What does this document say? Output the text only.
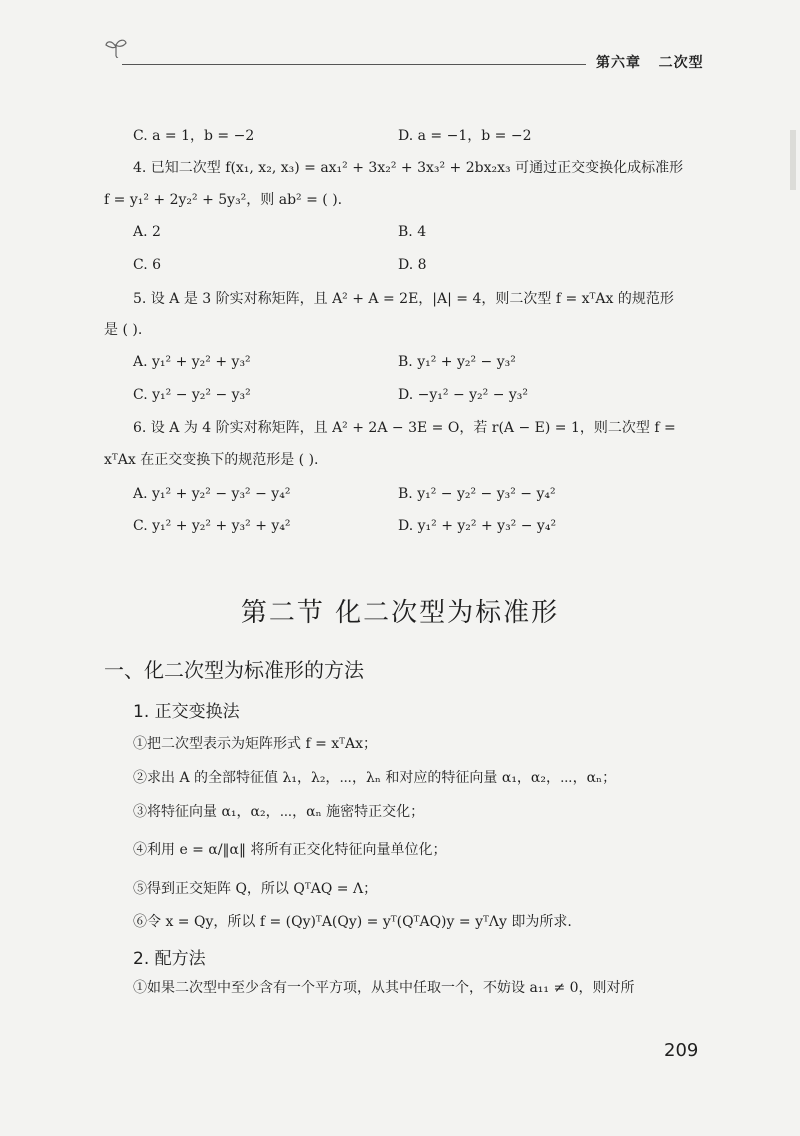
第六章   二次型
C. a = 1，b = −2	D. a = −1，b = −2
4. 已知二次型 f(x₁, x₂, x₃) = ax₁² + 3x₂² + 3x₃² + 2bx₂x₃ 可通过正交变换化成标准形
f = y₁² + 2y₂² + 5y₃²，则 ab² = ( ).
A. 2	B. 4
C. 6	D. 8
5. 设 A 是 3 阶实对称矩阵，且 A² + A = 2E，|A| = 4，则二次型 f = xᵀAx 的规范形
是 ( ).
A. y₁² + y₂² + y₃²	B. y₁² + y₂² − y₃²
C. y₁² − y₂² − y₃²	D. −y₁² − y₂² − y₃²
6. 设 A 为 4 阶实对称矩阵，且 A² + 2A − 3E = O，若 r(A − E) = 1，则二次型 f =
xᵀAx 在正交变换下的规范形是 ( ).
A. y₁² + y₂² − y₃² − y₄²	B. y₁² − y₂² − y₃² − y₄²
C. y₁² + y₂² + y₃² + y₄²	D. y₁² + y₂² + y₃² − y₄²
第二节 化二次型为标准形
一、化二次型为标准形的方法
1. 正交变换法
①把二次型表示为矩阵形式 f = xᵀAx；
②求出 A 的全部特征值 λ₁，λ₂，⋯，λₙ 和对应的特征向量 α₁，α₂，⋯，αₙ；
③将特征向量 α₁，α₂，⋯，αₙ 施密特正交化；
④利用 e = α/‖α‖ 将所有正交化特征向量单位化；
⑤得到正交矩阵 Q，所以 QᵀAQ = Λ；
⑥令 x = Qy，所以 f = (Qy)ᵀA(Qy) = yᵀ(QᵀAQ)y = yᵀΛy 即为所求.
2. 配方法
①如果二次型中至少含有一个平方项，从其中任取一个，不妨设 a₁₁ ≠ 0，则对所
209
